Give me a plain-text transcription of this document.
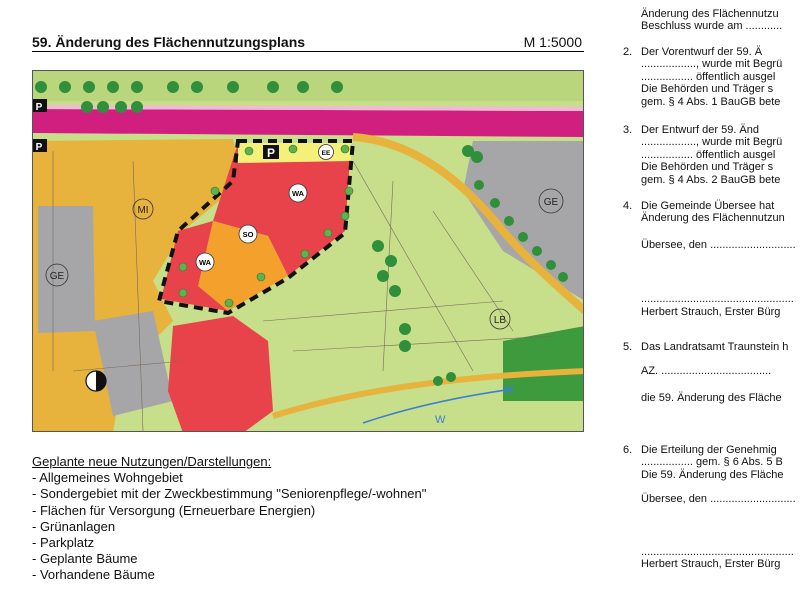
59. Änderung des Flächennutzungsplans	M 1:5000
WA
SO
WA
EE
P
P
P
GE
GE
MI
LB
W
W
Geplante neue Nutzungen/Darstellungen:
- Allgemeines Wohngebiet
- Sondergebiet mit der Zweckbestimmung "Seniorenpflege/-wohnen"
- Flächen für Versorgung (Erneuerbare Energien)
- Grünanlagen
- Parkplatz
- Geplante Bäume
- Vorhandene Bäume
Änderung des Flächennutzu
Beschluss wurde am ............
2. Der Vorentwurf der 59. Ä
.................., wurde mit Begrü
................. öffentlich ausgel
Die Behörden und Träger s
gem. § 4 Abs. 1 BauGB bete
3. Der Entwurf der 59. Änd
.................., wurde mit Begrü
................. öffentlich ausgel
Die Behörden und Träger s
gem. § 4 Abs. 2 BauGB bete
4. Die Gemeinde Übersee hat
Änderung des Flächennutzun
Übersee, den ............................
..................................................
Herbert Strauch, Erster Bürg
5. Das Landratsamt Traunstein h
AZ. ....................................
die 59. Änderung des Fläche
6. Die Erteilung der Genehmig
................. gem. § 6 Abs. 5 B
Die 59. Änderung des Fläche
Übersee, den ............................
..................................................
Herbert Strauch, Erster Bürg
